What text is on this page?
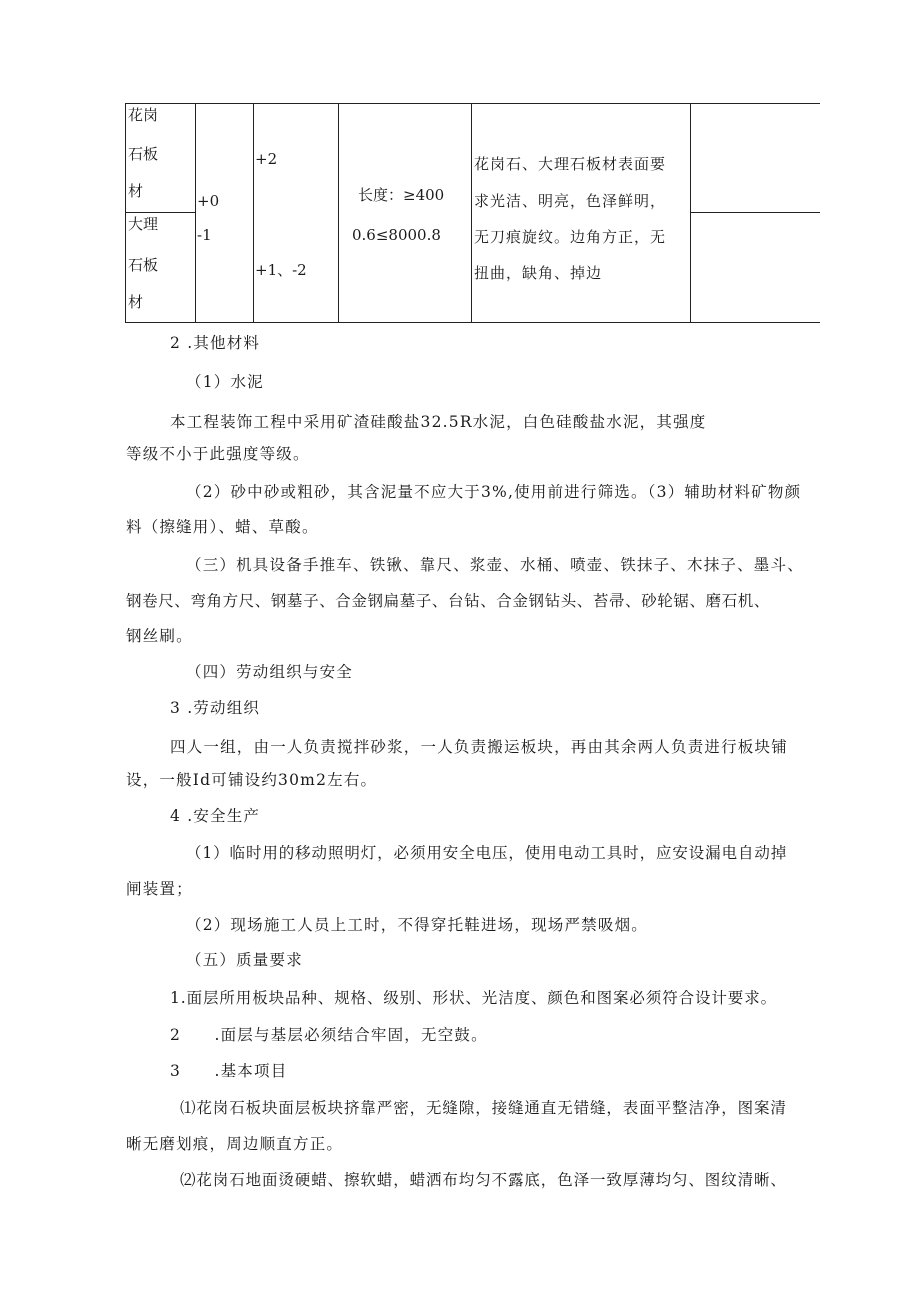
花岗
石板
材
大理
石板
材
+0
-1
+2
+1、-2
长度：≥400
0.6≤8000.8
花岗石、大理石板材表面要
求光洁、明亮，色泽鲜明，
无刀痕旋纹。边角方正，无
扭曲，缺角、掉边
2 .其他材料
（1）水泥
本工程装饰工程中采用矿渣硅酸盐32.5R水泥，白色硅酸盐水泥，其强度
等级不小于此强度等级。
（2）砂中砂或粗砂，其含泥量不应大于3%,使用前进行筛选。（3）辅助材料矿物颜
料（擦缝用）、蜡、草酸。
（三）机具设备手推车、铁锹、靠尺、浆壶、水桶、喷壶、铁抹子、木抹子、墨斗、
钢卷尺、弯角方尺、钢墓子、合金钢扁墓子、台钻、合金钢钻头、苔帚、砂轮锯、磨石机、
钢丝刷。
（四）劳动组织与安全
3 .劳动组织
四人一组，由一人负责搅拌砂浆，一人负责搬运板块，再由其余两人负责进行板块铺
设，一般Id可铺设约30m2左右。
4 .安全生产
（1）临时用的移动照明灯，必须用安全电压，使用电动工具时，应安设漏电自动掉
闸装置；
（2）现场施工人员上工时，不得穿托鞋进场，现场严禁吸烟。
（五）质量要求
1.面层所用板块品种、规格、级别、形状、光洁度、颜色和图案必须符合设计要求。
2　　.面层与基层必须结合牢固，无空鼓。
3　　.基本项目
⑴花岗石板块面层板块挤靠严密，无缝隙，接缝通直无错缝，表面平整洁净，图案清
晰无磨划痕，周边顺直方正。
⑵花岗石地面烫硬蜡、擦软蜡，蜡洒布均匀不露底，色泽一致厚薄均匀、图纹清晰、
